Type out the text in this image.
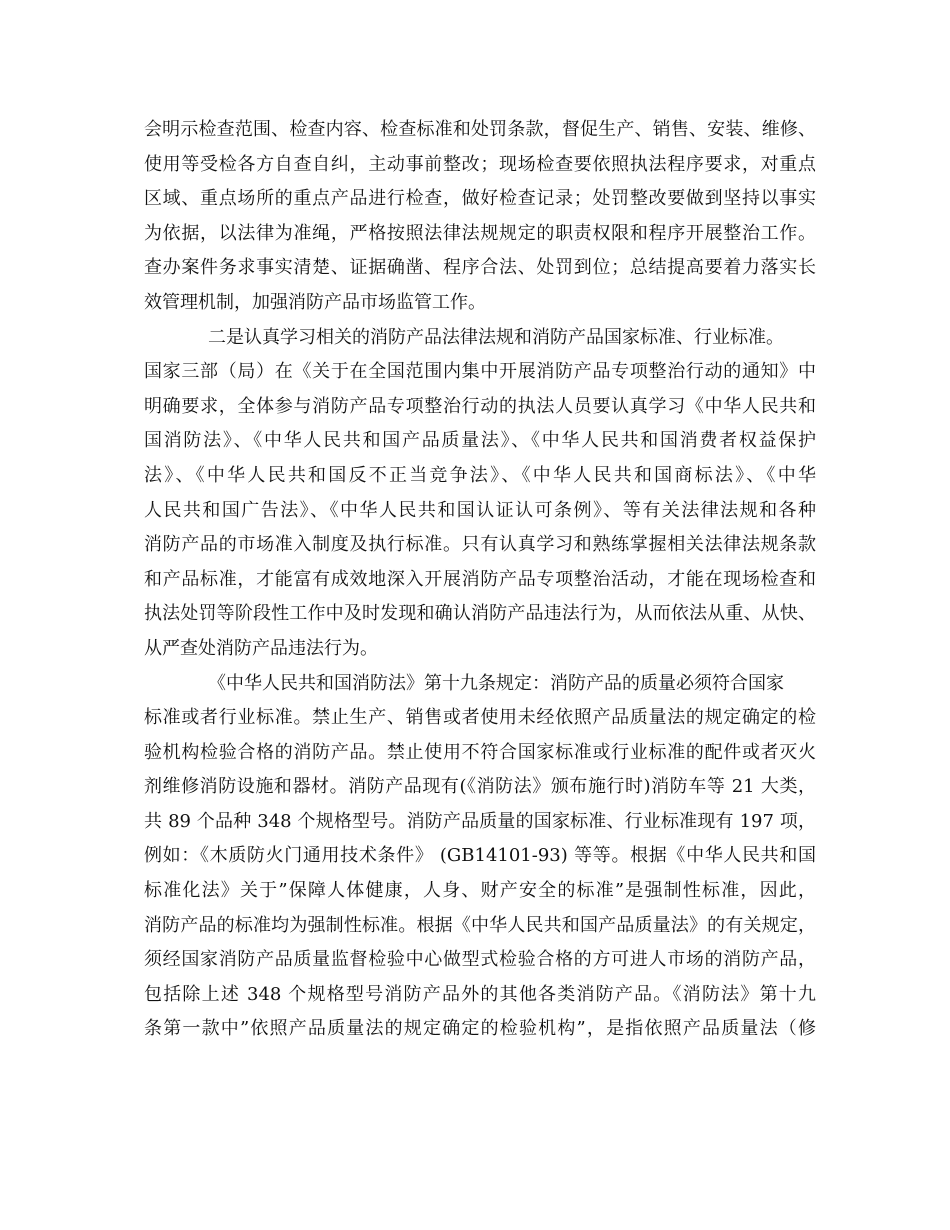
会明示检查范围、检查内容、检查标准和处罚条款，督促生产、销售、安装、维修、
使用等受检各方自查自纠，主动事前整改；现场检查要依照执法程序要求，对重点
区域、重点场所的重点产品进行检查，做好检查记录；处罚整改要做到坚持以事实
为依据，以法律为准绳，严格按照法律法规规定的职责权限和程序开展整治工作。
查办案件务求事实清楚、证据确凿、程序合法、处罚到位；总结提高要着力落实长
效管理机制，加强消防产品市场监管工作。
二是认真学习相关的消防产品法律法规和消防产品国家标准、行业标准。
国家三部（局）在《关于在全国范围内集中开展消防产品专项整治行动的通知》中
明确要求，全体参与消防产品专项整治行动的执法人员要认真学习《中华人民共和
国消防法》、《中华人民共和国产品质量法》、《中华人民共和国消费者权益保护
法》、《中华人民共和国反不正当竞争法》、《中华人民共和国商标法》、《中华
人民共和国广告法》、《中华人民共和国认证认可条例》、等有关法律法规和各种
消防产品的市场准入制度及执行标准。只有认真学习和熟练掌握相关法律法规条款
和产品标准，才能富有成效地深入开展消防产品专项整治活动，才能在现场检查和
执法处罚等阶段性工作中及时发现和确认消防产品违法行为，从而依法从重、从快、
从严查处消防产品违法行为。
《中华人民共和国消防法》第十九条规定：消防产品的质量必须符合国家
标准或者行业标准。禁止生产、销售或者使用未经依照产品质量法的规定确定的检
验机构检验合格的消防产品。禁止使用不符合国家标准或行业标准的配件或者灭火
剂维修消防设施和器材。消防产品现有(《消防法》颁布施行时)消防车等 21 大类，
共 89 个品种 348 个规格型号。消防产品质量的国家标准、行业标准现有 197 项，
例如：《木质防火门通用技术条件》 (GB14101-93) 等等。根据《中华人民共和国
标准化法》关于”保障人体健康，人身、财产安全的标准”是强制性标准，因此，
消防产品的标准均为强制性标准。根据《中华人民共和国产品质量法》的有关规定，
须经国家消防产品质量监督检验中心做型式检验合格的方可进人市场的消防产品，
包括除上述 348 个规格型号消防产品外的其他各类消防产品。《消防法》第十九
条第一款中”依照产品质量法的规定确定的检验机构”，是指依照产品质量法（修
